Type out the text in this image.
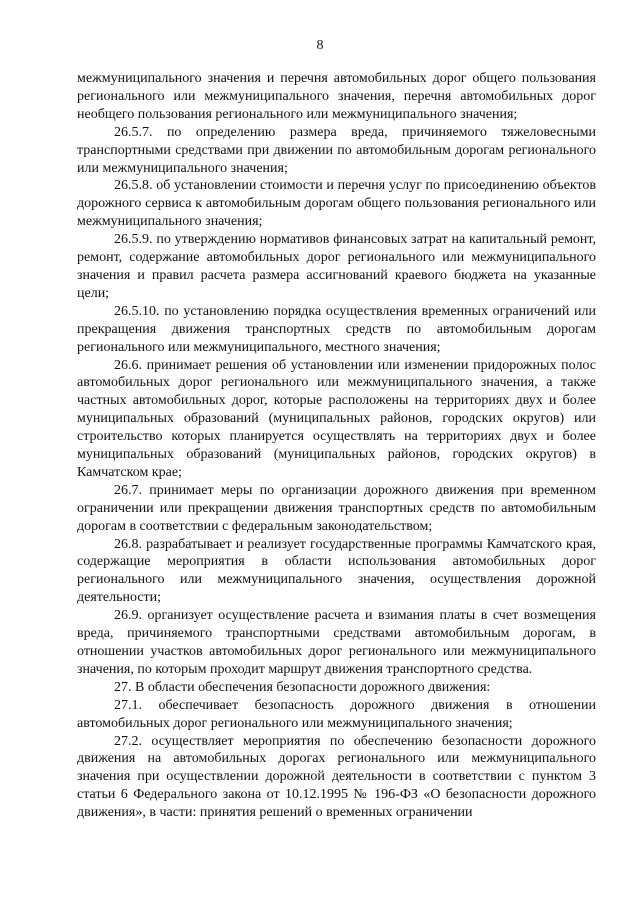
8

межмуниципального значения и перечня автомобильных дорог общего пользования регионального или межмуниципального значения, перечня автомобильных дорог необщего пользования регионального или межмуниципального значения;

26.5.7. по определению размера вреда, причиняемого тяжеловесными транспортными средствами при движении по автомобильным дорогам регионального или межмуниципального значения;

26.5.8. об установлении стоимости и перечня услуг по присоединению объектов дорожного сервиса к автомобильным дорогам общего пользования регионального или межмуниципального значения;

26.5.9. по утверждению нормативов финансовых затрат на капитальный ремонт, ремонт, содержание автомобильных дорог регионального или межмуниципального значения и правил расчета размера ассигнований краевого бюджета на указанные цели;

26.5.10. по установлению порядка осуществления временных ограничений или прекращения движения транспортных средств по автомобильным дорогам регионального или межмуниципального, местного значения;

26.6. принимает решения об установлении или изменении придорожных полос автомобильных дорог регионального или межмуниципального значения, а также частных автомобильных дорог, которые расположены на территориях двух и более муниципальных образований (муниципальных районов, городских округов) или строительство которых планируется осуществлять на территориях двух и более муниципальных образований (муниципальных районов, городских округов) в Камчатском крае;

26.7. принимает меры по организации дорожного движения при временном ограничении или прекращении движения транспортных средств по автомобильным дорогам в соответствии с федеральным законодательством;

26.8. разрабатывает и реализует государственные программы Камчатского края, содержащие мероприятия в области использования автомобильных дорог регионального или межмуниципального значения, осуществления дорожной деятельности;

26.9. организует осуществление расчета и взимания платы в счет возмещения вреда, причиняемого транспортными средствами автомобильным дорогам, в отношении участков автомобильных дорог регионального или межмуниципального значения, по которым проходит маршрут движения транспортного средства.

27. В области обеспечения безопасности дорожного движения:

27.1. обеспечивает безопасность дорожного движения в отношении автомобильных дорог регионального или межмуниципального значения;

27.2. осуществляет мероприятия по обеспечению безопасности дорожного движения на автомобильных дорогах регионального или межмуниципального значения при осуществлении дорожной деятельности в соответствии с пунктом 3 статьи 6 Федерального закона от 10.12.1995 № 196-ФЗ «О безопасности дорожного движения», в части: принятия решений о временных ограничении
